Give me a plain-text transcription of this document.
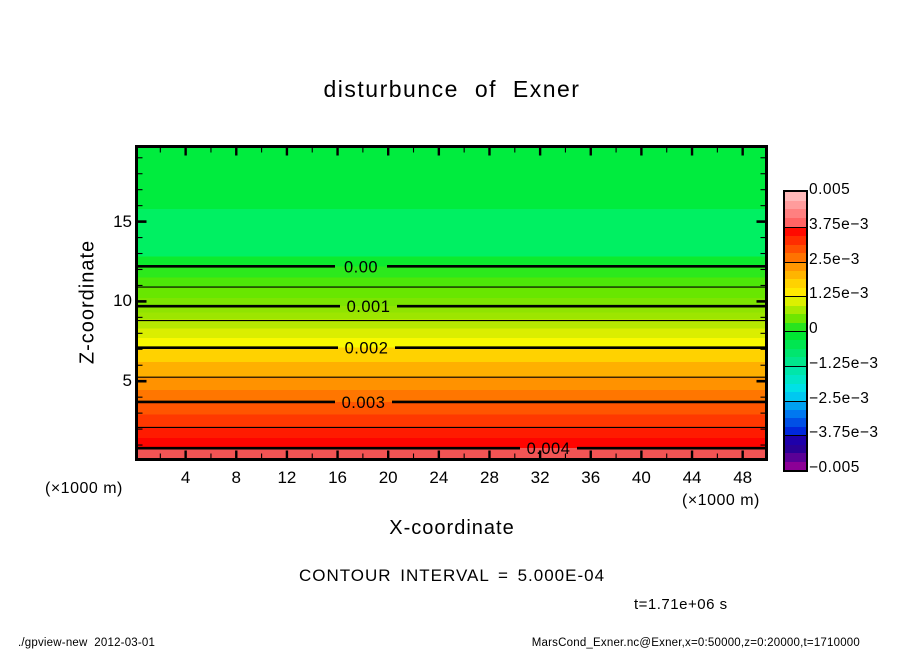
disturbunce of Exner
Z-coordinate	0.00
0.001
0.002
0.003
0.004
5
10
15
4	8	12	16	20	24	28	32	36	40	44	48
(×1000 m)
(×1000 m)
X-coordinate
0.005
3.75e−3
2.5e−3
1.25e−3
0
−1.25e−3
−2.5e−3
−3.75e−3
−0.005
CONTOUR INTERVAL = 5.000E-04
t=1.71e+06 s
./gpview-new  2012-03-01	MarsCond_Exner.nc@Exner,x=0:50000,z=0:20000,t=1710000
